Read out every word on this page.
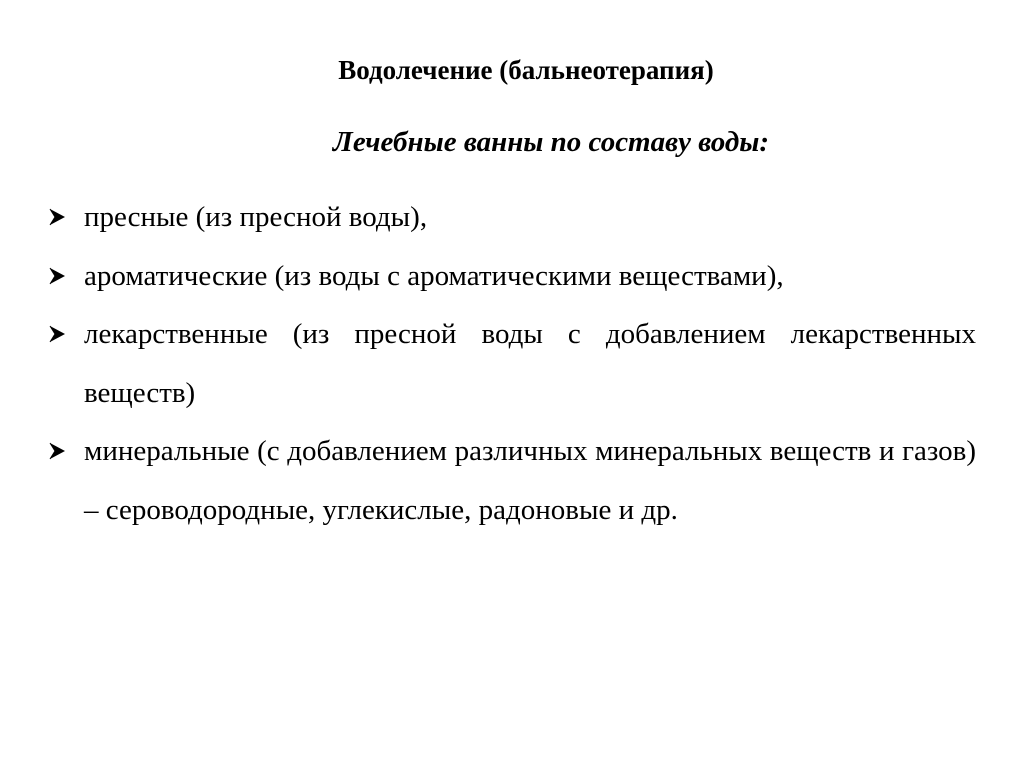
Водолечение (бальнеотерапия)
Лечебные ванны по составу воды:
пресные (из пресной воды),
ароматические (из воды с ароматическими веществами),
лекарственные (из пресной воды с добавлением лекарственных веществ)
минеральные (с добавлением различных минеральных веществ и газов) – сероводородные, углекислые, радоновые и др.
